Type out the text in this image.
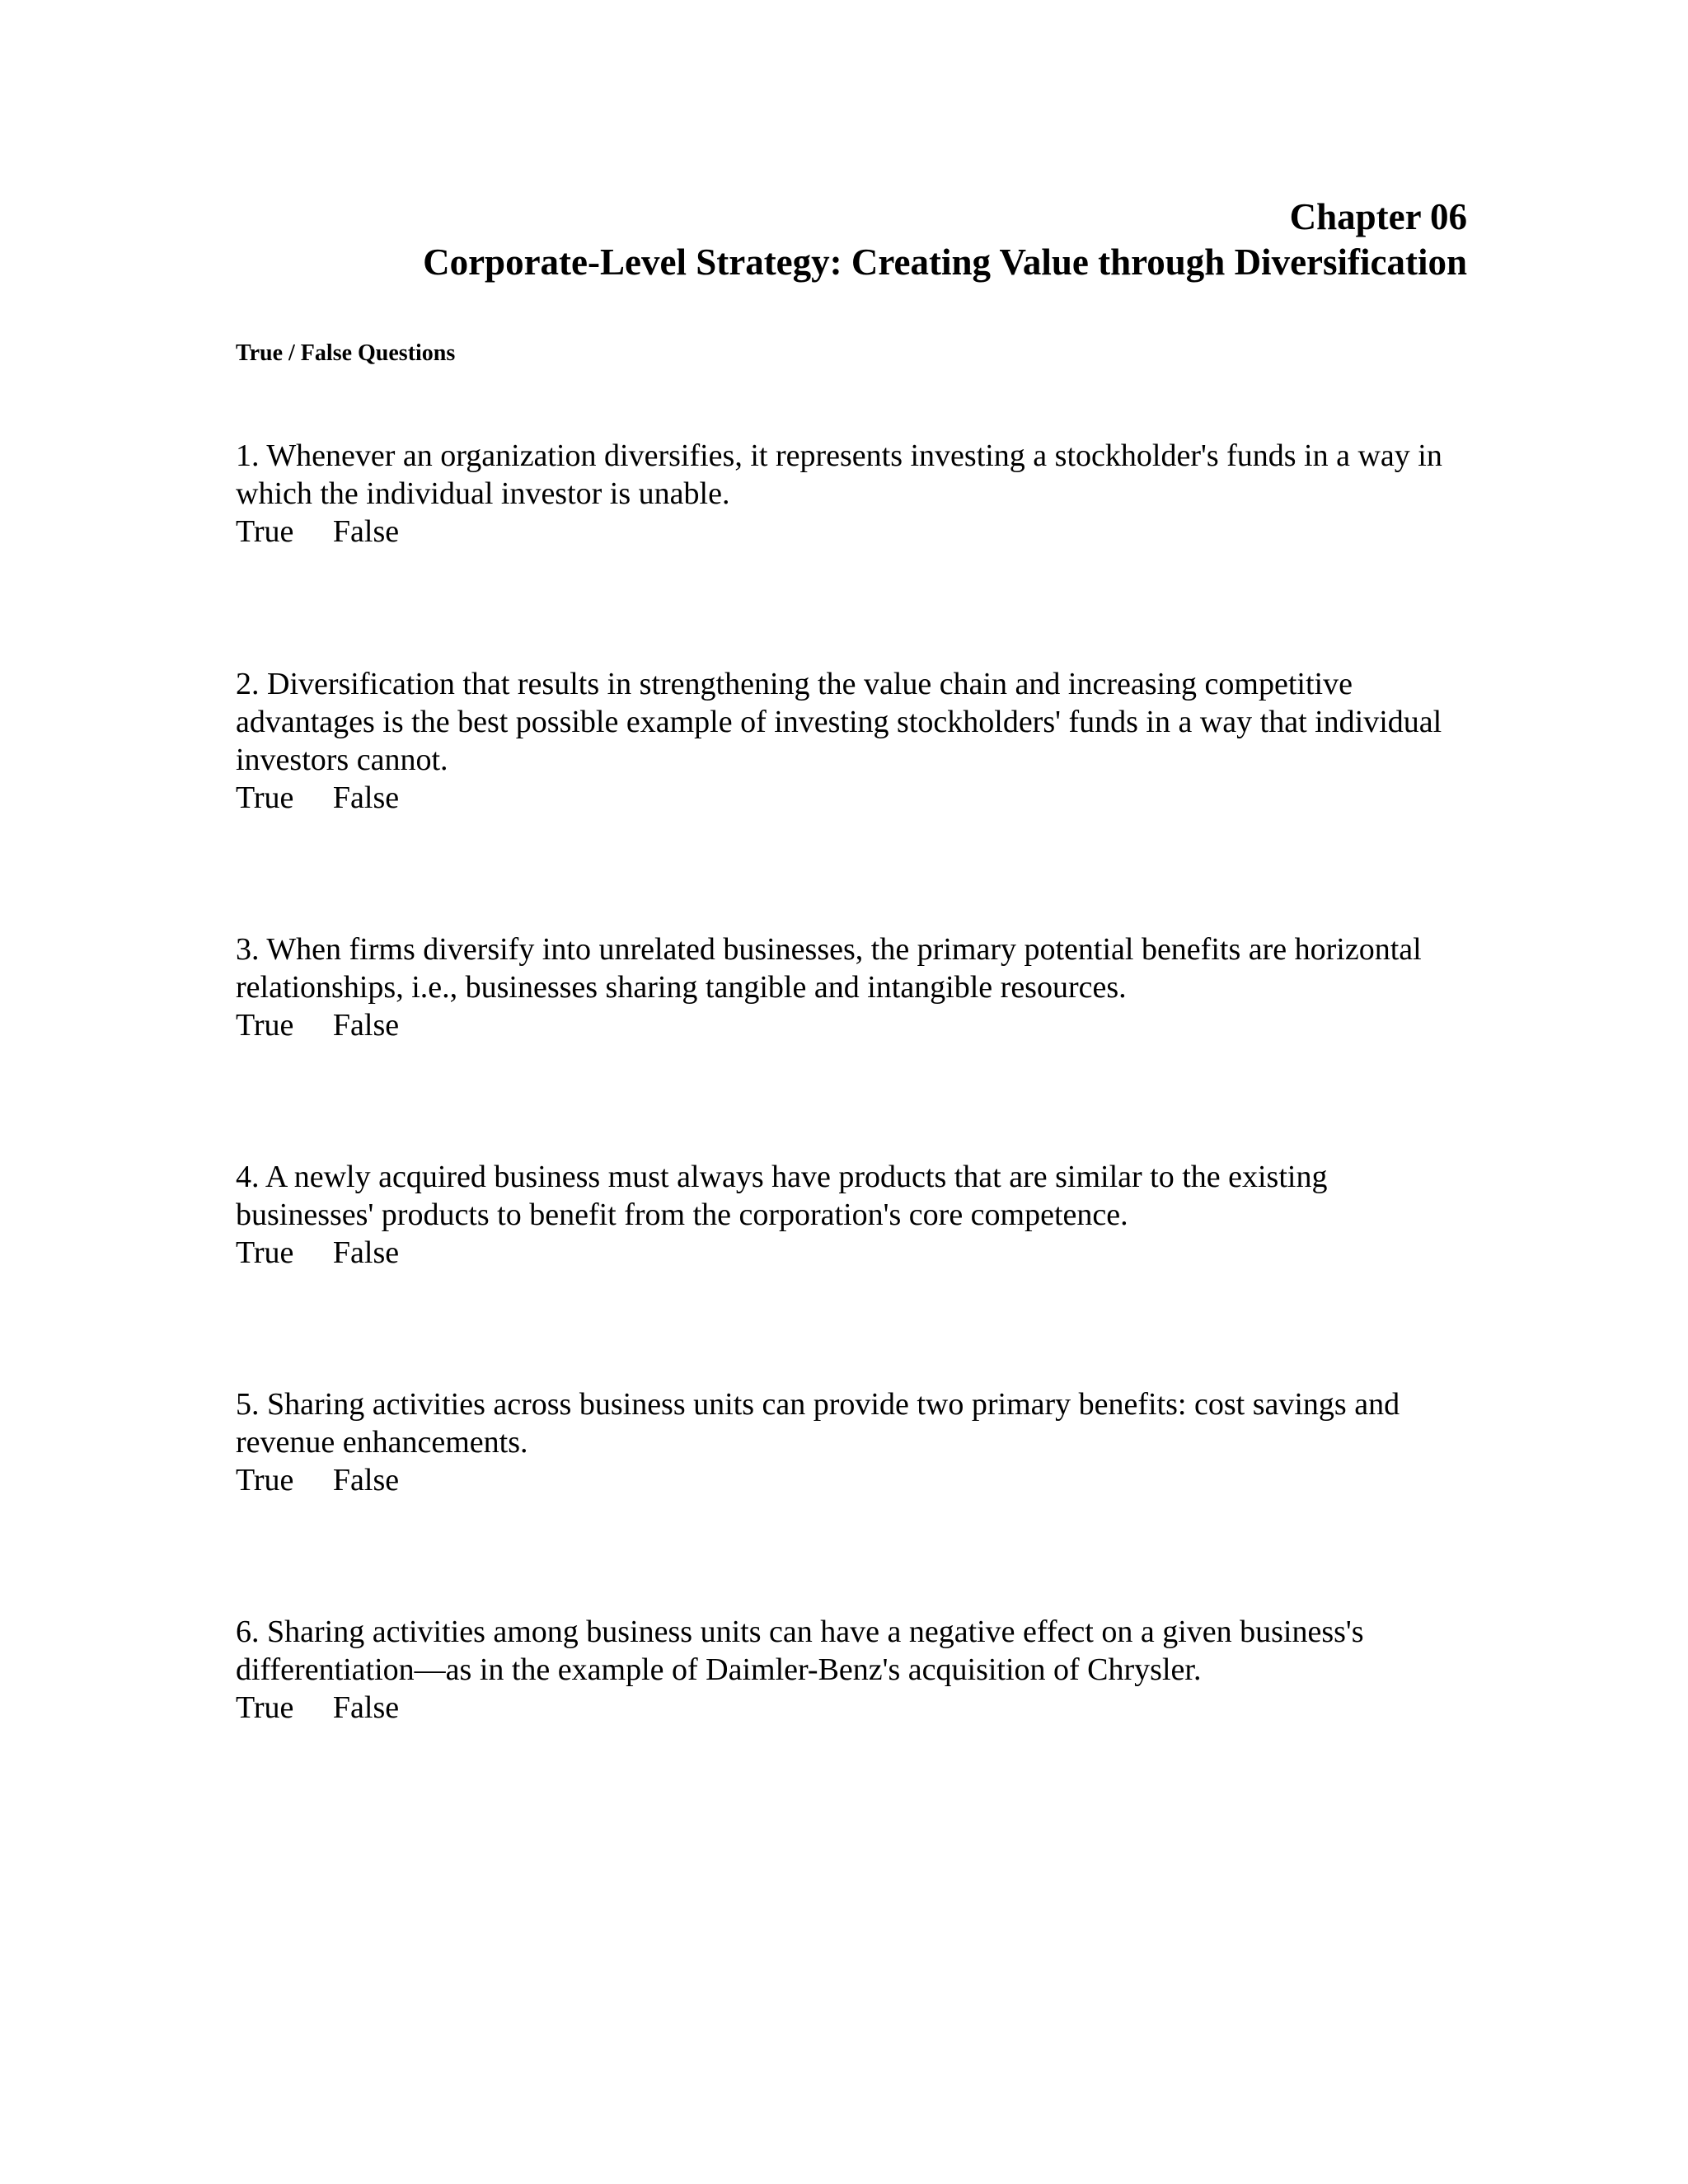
Chapter 06
Corporate-Level Strategy: Creating Value through Diversification
True / False Questions
1. Whenever an organization diversifies, it represents investing a stockholder's funds in a way in which the individual investor is unable.
True False
2. Diversification that results in strengthening the value chain and increasing competitive advantages is the best possible example of investing stockholders' funds in a way that individual investors cannot.
True False
3. When firms diversify into unrelated businesses, the primary potential benefits are horizontal relationships, i.e., businesses sharing tangible and intangible resources.
True False
4. A newly acquired business must always have products that are similar to the existing businesses' products to benefit from the corporation's core competence.
True False
5. Sharing activities across business units can provide two primary benefits: cost savings and revenue enhancements.
True False
6. Sharing activities among business units can have a negative effect on a given business's differentiation—as in the example of Daimler-Benz's acquisition of Chrysler.
True False
